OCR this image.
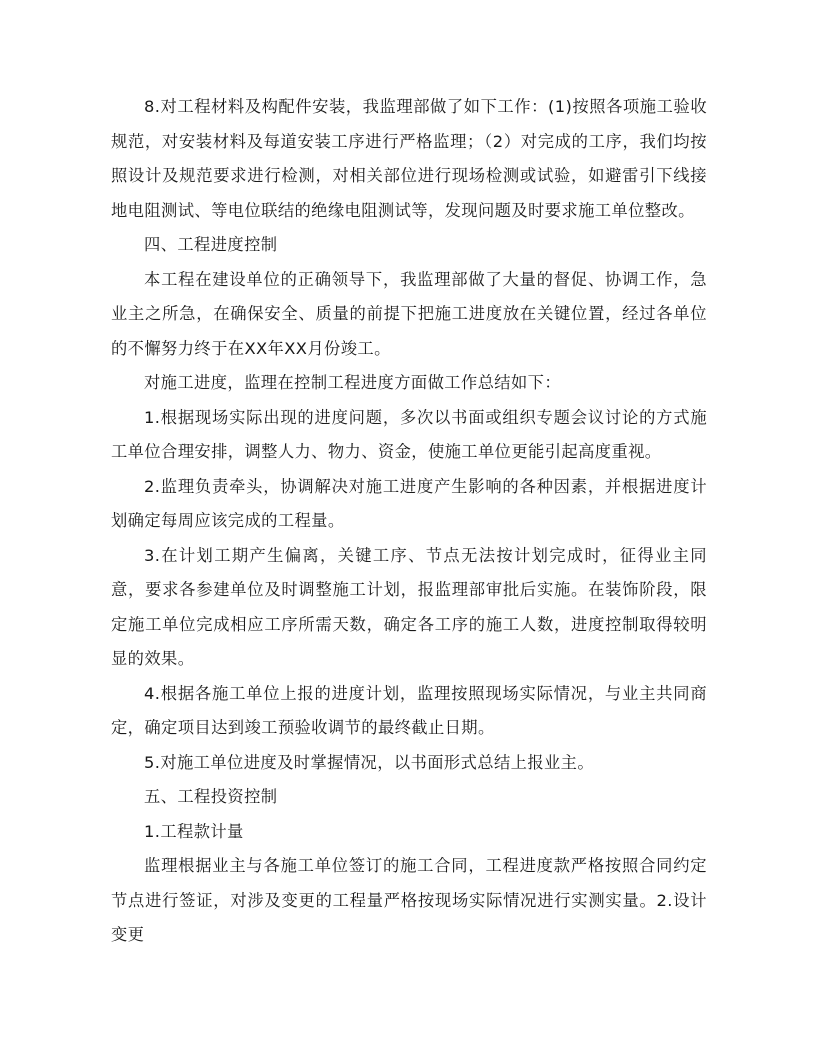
8.对工程材料及构配件安装，我监理部做了如下工作：(1)按照各项施工验收规范，对安装材料及每道安装工序进行严格监理；（2）对完成的工序，我们均按照设计及规范要求进行检测，对相关部位进行现场检测或试验，如避雷引下线接地电阻测试、等电位联结的绝缘电阻测试等，发现问题及时要求施工单位整改。

四、工程进度控制

本工程在建设单位的正确领导下，我监理部做了大量的督促、协调工作，急业主之所急，在确保安全、质量的前提下把施工进度放在关键位置，经过各单位的不懈努力终于在XX年XX月份竣工。

对施工进度，监理在控制工程进度方面做工作总结如下：

1.根据现场实际出现的进度问题，多次以书面或组织专题会议讨论的方式施工单位合理安排，调整人力、物力、资金，使施工单位更能引起高度重视。

2.监理负责牵头，协调解决对施工进度产生影响的各种因素，并根据进度计划确定每周应该完成的工程量。

3.在计划工期产生偏离，关键工序、节点无法按计划完成时，征得业主同意，要求各参建单位及时调整施工计划，报监理部审批后实施。在装饰阶段，限定施工单位完成相应工序所需天数，确定各工序的施工人数，进度控制取得较明显的效果。

4.根据各施工单位上报的进度计划，监理按照现场实际情况，与业主共同商定，确定项目达到竣工预验收调节的最终截止日期。

5.对施工单位进度及时掌握情况，以书面形式总结上报业主。

五、工程投资控制

1.工程款计量

监理根据业主与各施工单位签订的施工合同，工程进度款严格按照合同约定节点进行签证，对涉及变更的工程量严格按现场实际情况进行实测实量。2.设计变更
